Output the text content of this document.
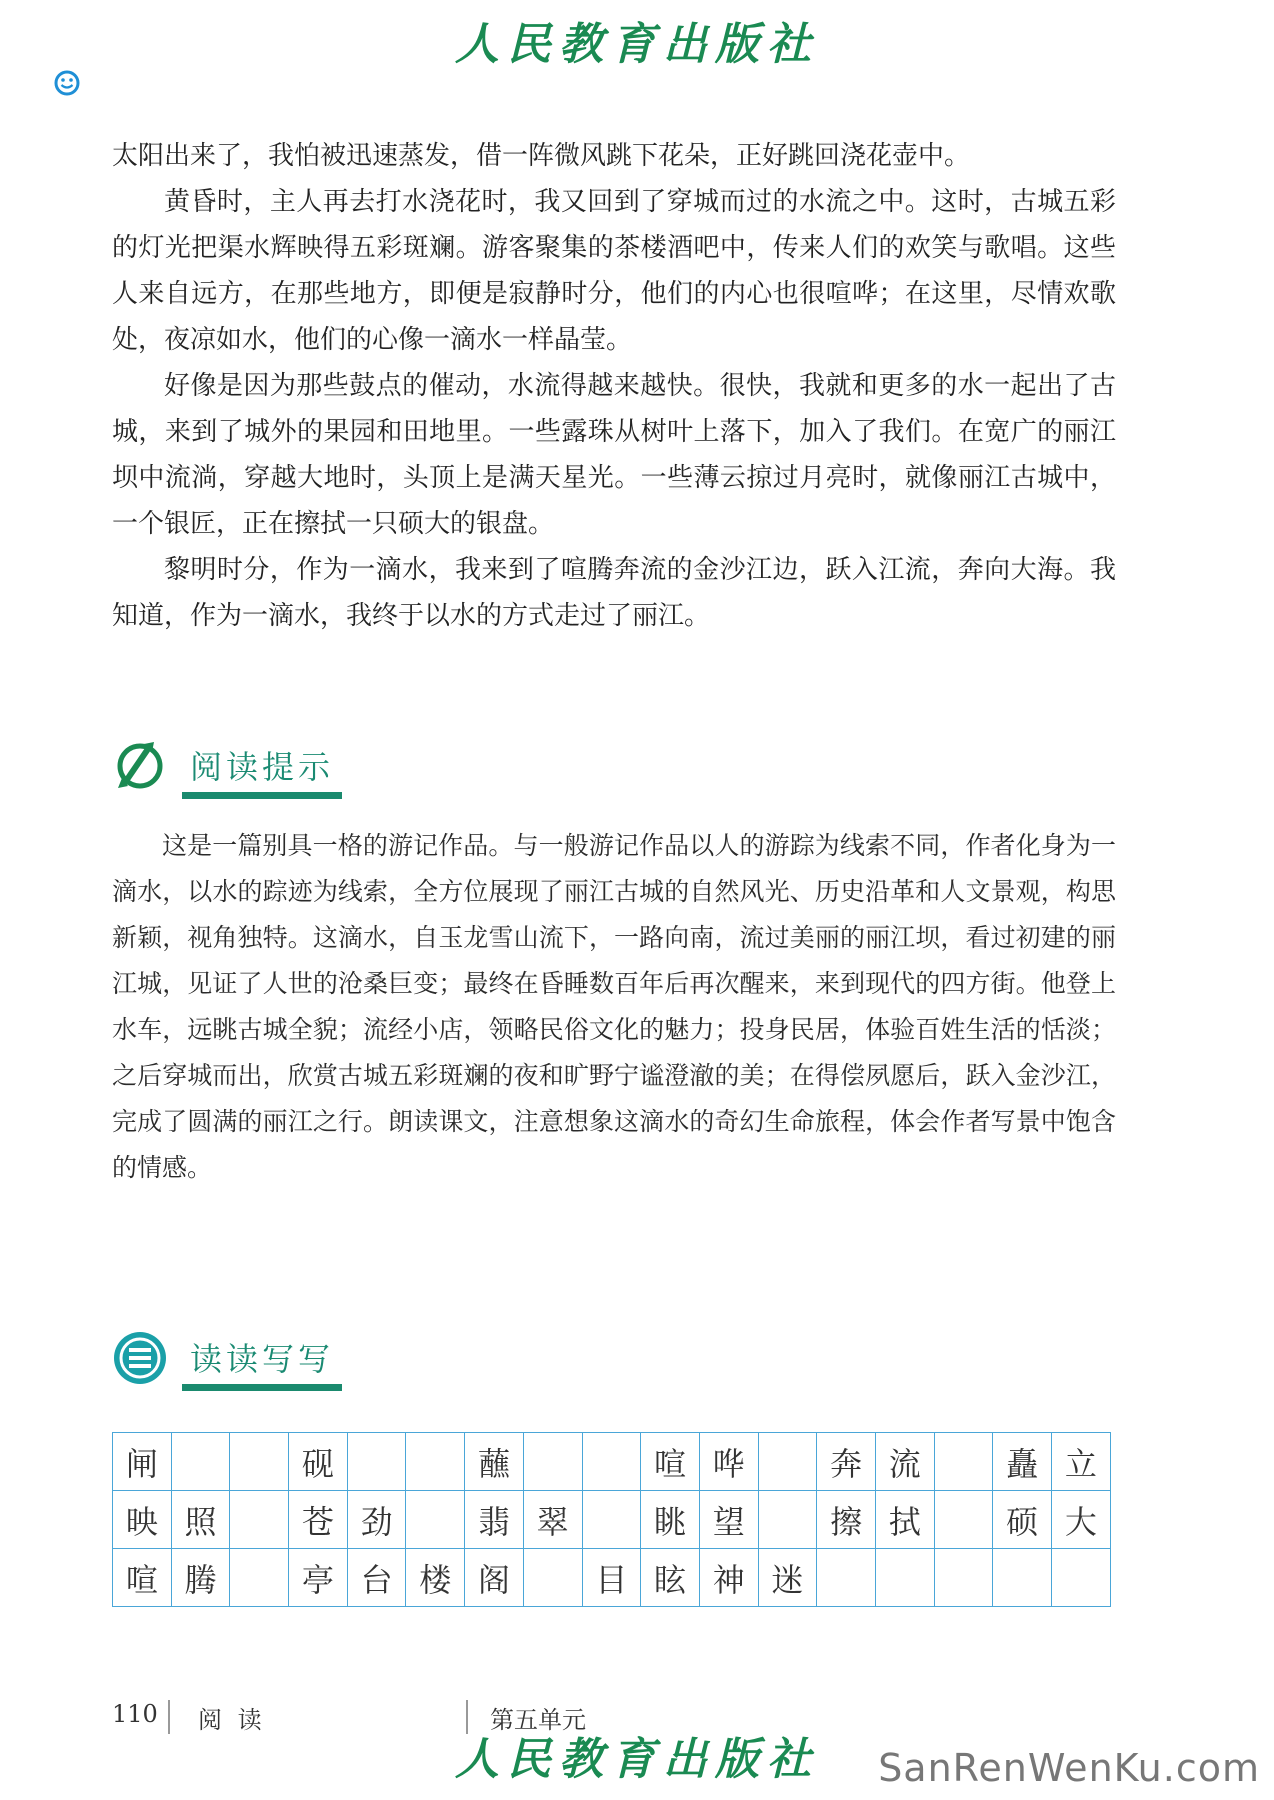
人民教育出版社

太阳出来了，我怕被迅速蒸发，借一阵微风跳下花朵，正好跳回浇花壶中。

黄昏时，主人再去打水浇花时，我又回到了穿城而过的水流之中。这时，古城五彩的灯光把渠水辉映得五彩斑斓。游客聚集的茶楼酒吧中，传来人们的欢笑与歌唱。这些人来自远方，在那些地方，即便是寂静时分，他们的内心也很喧哗；在这里，尽情欢歌处，夜凉如水，他们的心像一滴水一样晶莹。

好像是因为那些鼓点的催动，水流得越来越快。很快，我就和更多的水一起出了古城，来到了城外的果园和田地里。一些露珠从树叶上落下，加入了我们。在宽广的丽江坝中流淌，穿越大地时，头顶上是满天星光。一些薄云掠过月亮时，就像丽江古城中，一个银匠，正在擦拭一只硕大的银盘。

黎明时分，作为一滴水，我来到了喧腾奔流的金沙江边，跃入江流，奔向大海。我知道，作为一滴水，我终于以水的方式走过了丽江。

阅读提示
这是一篇别具一格的游记作品。与一般游记作品以人的游踪为线索不同，作者化身为一滴水，以水的踪迹为线索，全方位展现了丽江古城的自然风光、历史沿革和人文景观，构思新颖，视角独特。这滴水，自玉龙雪山流下，一路向南，流过美丽的丽江坝，看过初建的丽江城，见证了人世的沧桑巨变；最终在昏睡数百年后再次醒来，来到现代的四方街。他登上水车，远眺古城全貌；流经小店，领略民俗文化的魅力；投身民居，体验百姓生活的恬淡；之后穿城而出，欣赏古城五彩斑斓的夜和旷野宁谧澄澈的美；在得偿夙愿后，跃入金沙江，完成了圆满的丽江之行。朗读课文，注意想象这滴水的奇幻生命旅程，体会作者写景中饱含的情感。
读读写写
闸			砚			蘸			喧	哗		奔	流		矗	立
映	照		苍	劲		翡	翠		眺	望		擦	拭		硕	大
喧	腾		亭	台	楼	阁		目	眩	神	迷					
110 阅 读	第五单元
人民教育出版社	SanRenWenKu.com
